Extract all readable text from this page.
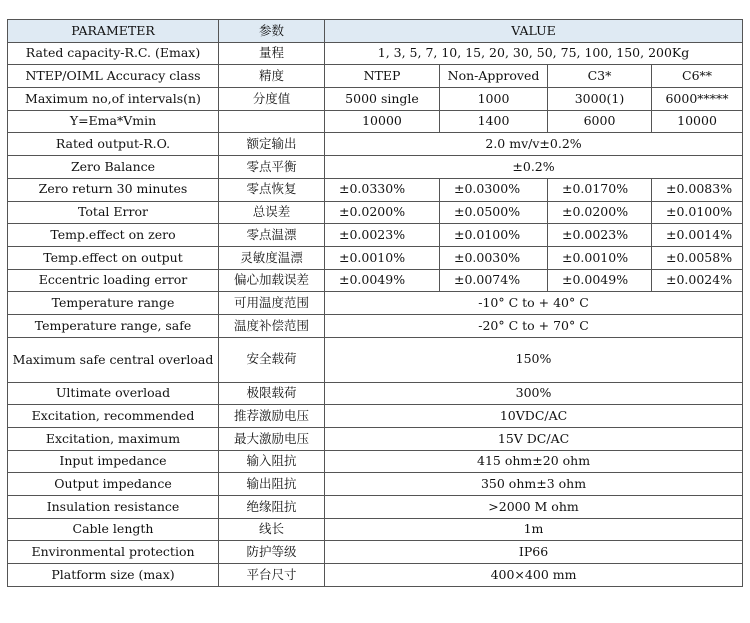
PARAMETER	参数	VALUE			
Rated capacity-R.C. (Emax)	量程	1, 3, 5, 7, 10, 15, 20, 30, 50, 75, 100, 150, 200Kg			
NTEP/OIML Accuracy class	精度	NTEP	Non-Approved	C3*	C6**
Maximum no,of intervals(n)	分度值	5000 single	1000	3000(1)	6000*****
Y=Ema*Vmin		10000	1400	6000	10000
Rated output-R.O.	额定输出	2.0 mv/v±0.2%			
Zero Balance	零点平衡	±0.2%			
Zero return 30 minutes	零点恢复	±0.0330%	±0.0300%	±0.0170%	±0.0083%
Total Error	总误差	±0.0200%	±0.0500%	±0.0200%	±0.0100%
Temp.effect on zero	零点温漂	±0.0023%	±0.0100%	±0.0023%	±0.0014%
Temp.effect on output	灵敏度温漂	±0.0010%	±0.0030%	±0.0010%	±0.0058%
Eccentric loading error	偏心加载误差	±0.0049%	±0.0074%	±0.0049%	±0.0024%
Temperature range	可用温度范围	-10° C to + 40° C			
Temperature range, safe	温度补偿范围	-20° C to + 70° C			
Maximum safe central overload	安全载荷	150%			
Ultimate overload	极限载荷	300%			
Excitation, recommended	推荐激励电压	10VDC/AC			
Excitation, maximum	最大激励电压	15V DC/AC			
Input impedance	输入阻抗	415 ohm±20 ohm			
Output impedance	输出阻抗	350 ohm±3 ohm			
Insulation resistance	绝缘阻抗	>2000 M ohm			
Cable length	线长	1m			
Environmental protection	防护等级	IP66			
Platform size (max)	平台尺寸	400×400 mm			
